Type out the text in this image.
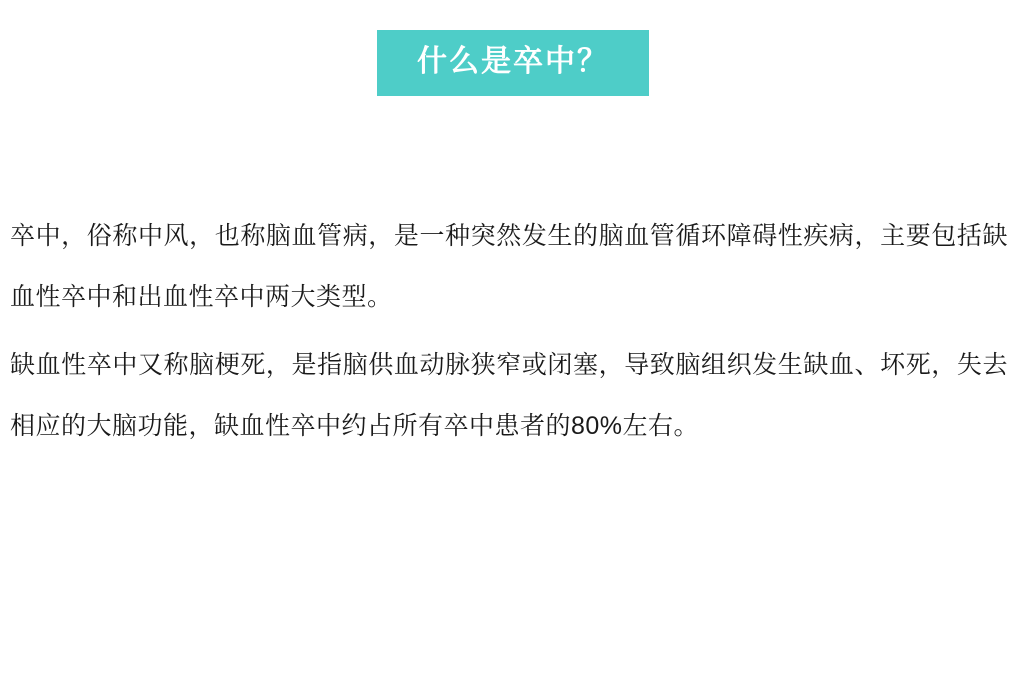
什么是卒中？

卒中，俗称中风，也称脑血管病，是一种突然发生的脑血管循环障碍性疾病，主要包括缺血性卒中和出血性卒中两大类型。

缺血性卒中又称脑梗死，是指脑供血动脉狭窄或闭塞，导致脑组织发生缺血、坏死，失去相应的大脑功能，缺血性卒中约占所有卒中患者的80%左右。
